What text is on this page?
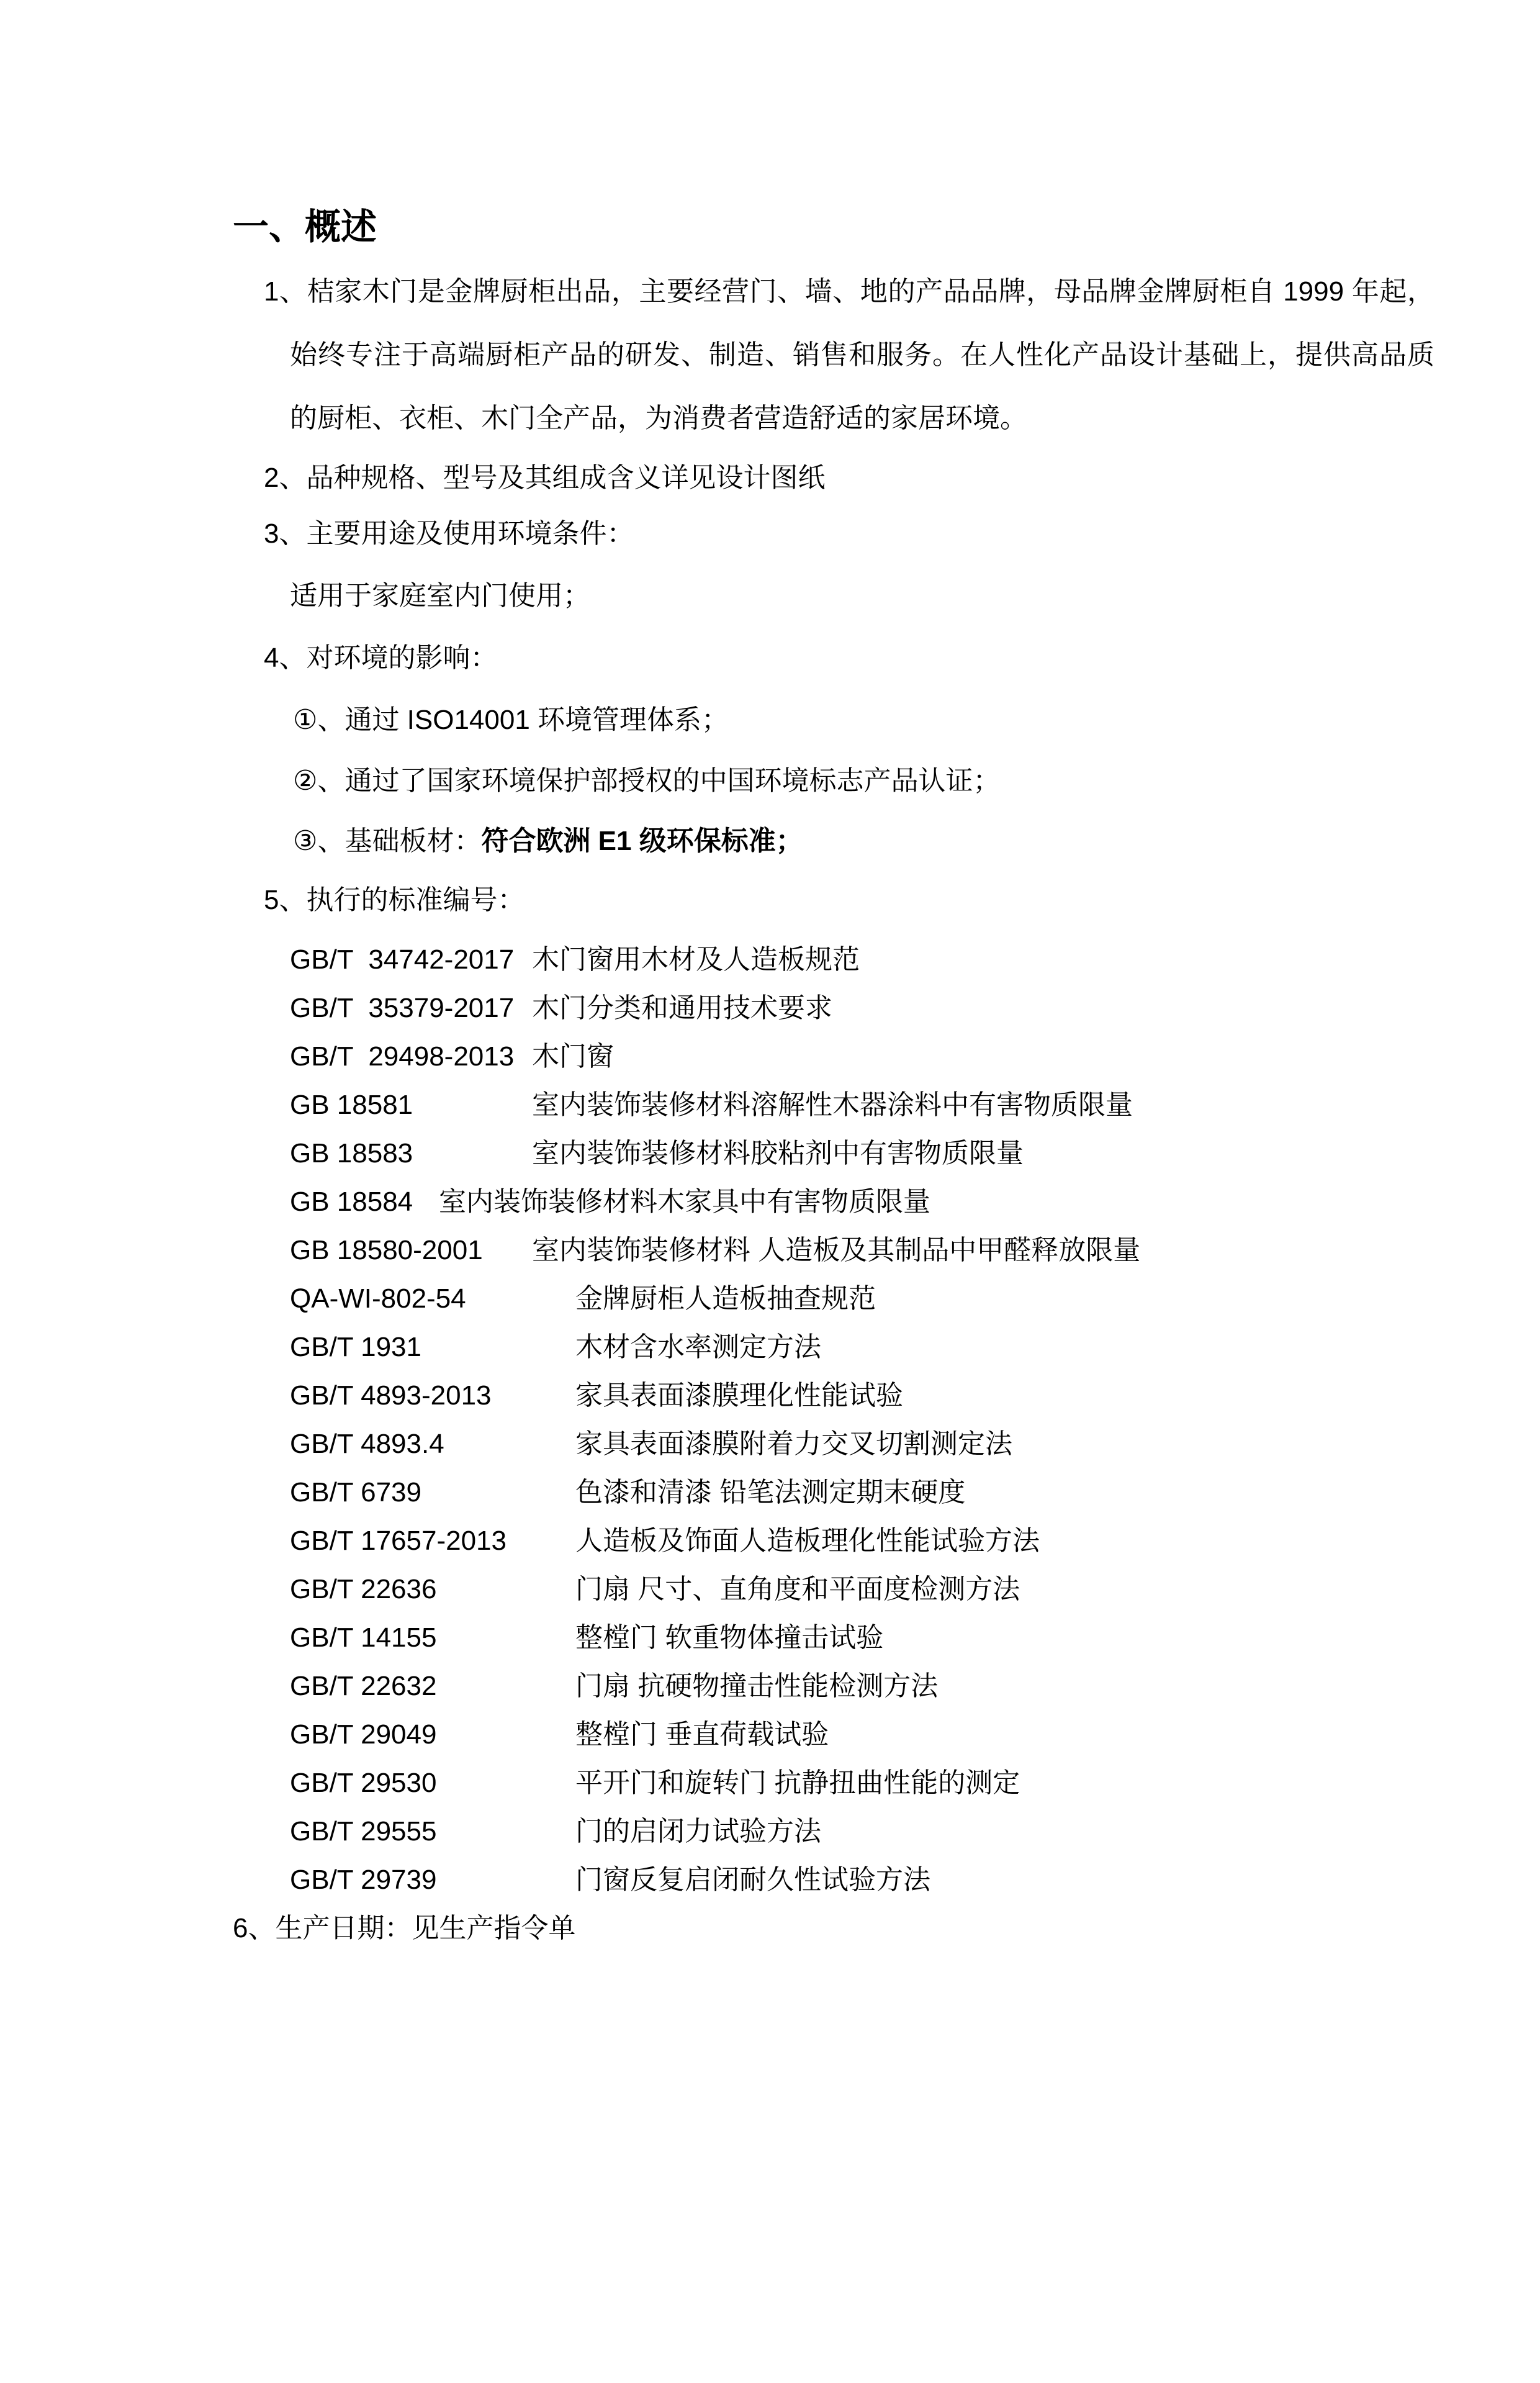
一、概述

1、桔家木门是金牌厨柜出品，主要经营门、墙、地的产品品牌，母品牌金牌厨柜自 1999 年起，始终专注于高端厨柜产品的研发、制造、销售和服务。在人性化产品设计基础上，提供高品质的厨柜、衣柜、木门全产品，为消费者营造舒适的家居环境。

2、品种规格、型号及其组成含义详见设计图纸

3、主要用途及使用环境条件：

适用于家庭室内门使用；

4、对环境的影响：

①、通过 ISO14001 环境管理体系；

②、通过了国家环境保护部授权的中国环境标志产品认证；

③、基础板材：符合欧洲 E1 级环保标准；

5、执行的标准编号：

GB/T  34742-2017 木门窗用木材及人造板规范
GB/T  35379-2017 木门分类和通用技术要求
GB/T  29498-2013 木门窗
GB 18581	室内装饰装修材料溶解性木器涂料中有害物质限量
GB 18583	室内装饰装修材料胶粘剂中有害物质限量
GB 18584 室内装饰装修材料木家具中有害物质限量
GB 18580-2001	室内装饰装修材料 人造板及其制品中甲醛释放限量
QA-WI-802-54	金牌厨柜人造板抽查规范
GB/T 1931	木材含水率测定方法
GB/T 4893-2013	家具表面漆膜理化性能试验
GB/T 4893.4	家具表面漆膜附着力交叉切割测定法
GB/T 6739	色漆和清漆 铅笔法测定期末硬度
GB/T 17657-2013	人造板及饰面人造板理化性能试验方法
GB/T 22636	门扇 尺寸、直角度和平面度检测方法
GB/T 14155	整樘门 软重物体撞击试验
GB/T 22632	门扇 抗硬物撞击性能检测方法
GB/T 29049	整樘门 垂直荷载试验
GB/T 29530	平开门和旋转门 抗静扭曲性能的测定
GB/T 29555	门的启闭力试验方法
GB/T 29739	门窗反复启闭耐久性试验方法

6、生产日期：见生产指令单
